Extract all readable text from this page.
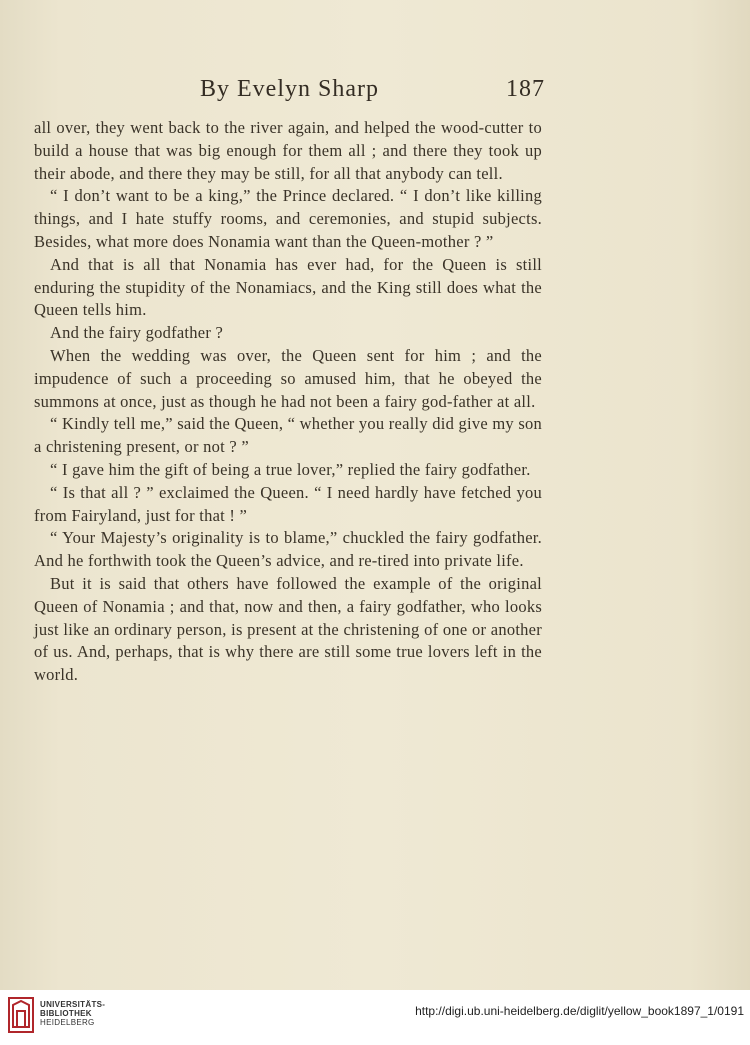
By Evelyn Sharp	187

all over, they went back to the river again, and helped the wood-cutter to build a house that was big enough for them all ; and there they took up their abode, and there they may be still, for all that anybody can tell.

“ I don’t want to be a king,” the Prince declared. “ I don’t like killing things, and I hate stuffy rooms, and ceremonies, and stupid subjects. Besides, what more does Nonamia want than the Queen-mother ? ”

And that is all that Nonamia has ever had, for the Queen is still enduring the stupidity of the Nonamiacs, and the King still does what the Queen tells him.

And the fairy godfather ?

When the wedding was over, the Queen sent for him ; and the impudence of such a proceeding so amused him, that he obeyed the summons at once, just as though he had not been a fairy god-father at all.

“ Kindly tell me,” said the Queen, “ whether you really did give my son a christening present, or not ? ”

“ I gave him the gift of being a true lover,” replied the fairy godfather.

“ Is that all ? ” exclaimed the Queen. “ I need hardly have fetched you from Fairyland, just for that ! ”

“ Your Majesty’s originality is to blame,” chuckled the fairy godfather. And he forthwith took the Queen’s advice, and re-tired into private life.

But it is said that others have followed the example of the original Queen of Nonamia ; and that, now and then, a fairy godfather, who looks just like an ordinary person, is present at the christening of one or another of us. And, perhaps, that is why there are still some true lovers left in the world.

UNIVERSITÄTS-
BIBLIOTHEK
HEIDELBERG
http://digi.ub.uni-heidelberg.de/diglit/yellow_book1897_1/0191
